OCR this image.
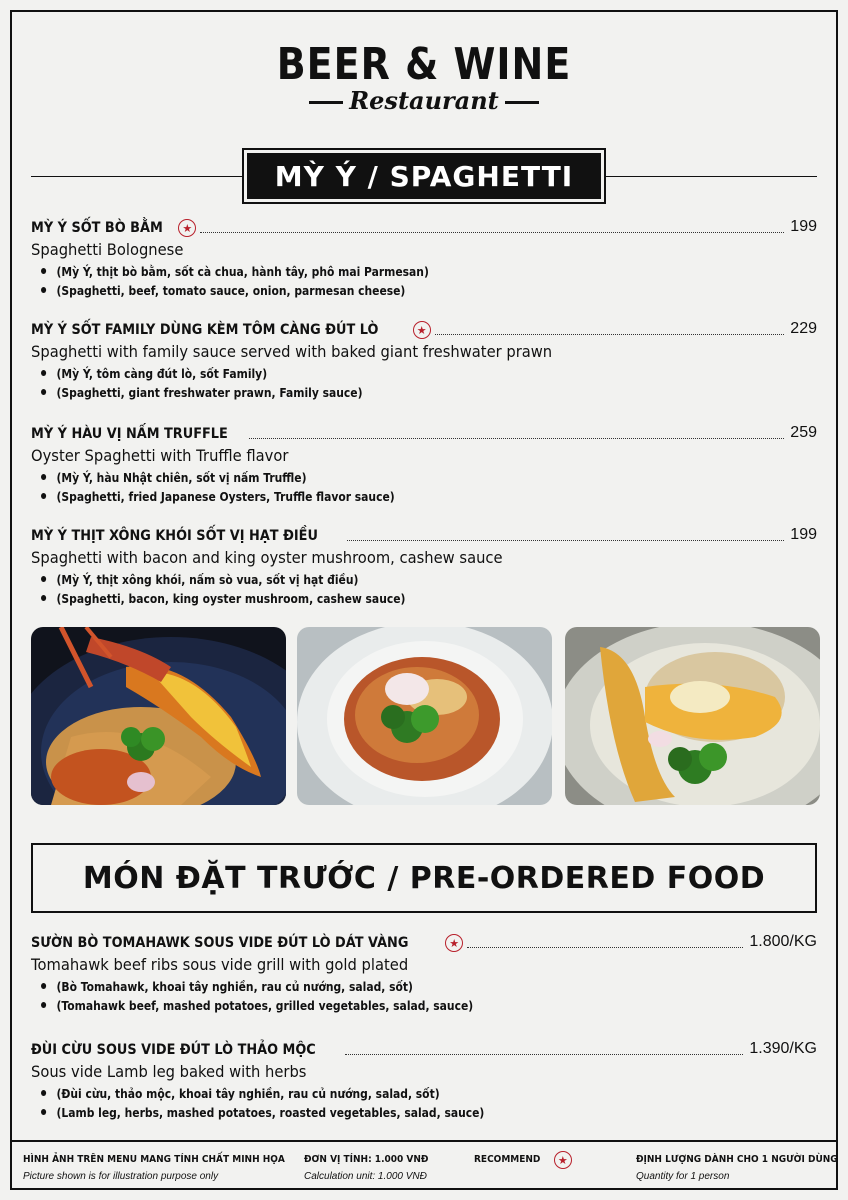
BEER & WINE
Restaurant
MỲ Ý / SPAGHETTI
MỲ Ý SỐT BÒ BẰM	★	199
Spaghetti Bolognese
(Mỳ Ý, thịt bò bằm, sốt cà chua, hành tây, phô mai Parmesan)
(Spaghetti, beef, tomato sauce, onion, parmesan cheese)
MỲ Ý SỐT FAMILY DÙNG KÈM TÔM CÀNG ĐÚT LÒ	★	229
Spaghetti with family sauce served with baked giant freshwater prawn
(Mỳ Ý, tôm càng đút lò, sốt Family)
(Spaghetti, giant freshwater prawn, Family sauce)
MỲ Ý HÀU VỊ NẤM TRUFFLE	259
Oyster Spaghetti with Truffle flavor
(Mỳ Ý, hàu Nhật chiên, sốt vị nấm Truffle)
(Spaghetti, fried Japanese Oysters, Truffle flavor sauce)
MỲ Ý THỊT XÔNG KHÓI SỐT VỊ HẠT ĐIỀU	199
Spaghetti with bacon and king oyster mushroom, cashew sauce
(Mỳ Ý, thịt xông khói, nấm sò vua, sốt vị hạt điều)
(Spaghetti, bacon, king oyster mushroom, cashew sauce)
MÓN ĐẶT TRƯỚC / PRE-ORDERED FOOD
SƯỜN BÒ TOMAHAWK SOUS VIDE ĐÚT LÒ DÁT VÀNG	★	1.800/KG
Tomahawk beef ribs sous vide grill with gold plated
(Bò Tomahawk, khoai tây nghiền, rau củ nướng, salad, sốt)
(Tomahawk beef, mashed potatoes, grilled vegetables, salad, sauce)
ĐÙI CỪU SOUS VIDE ĐÚT LÒ THẢO MỘC	1.390/KG
Sous vide Lamb leg baked with herbs
(Đùi cừu, thảo mộc, khoai tây nghiền, rau củ nướng, salad, sốt)
(Lamb leg, herbs, mashed potatoes, roasted vegetables, salad, sauce)
HÌNH ẢNH TRÊN MENU MANG TÍNH CHẤT MINH HỌA
Picture shown is for illustration purpose only
ĐƠN VỊ TÍNH: 1.000 VNĐ
Calculation unit: 1.000 VNĐ
RECOMMEND	★	ĐỊNH LƯỢNG DÀNH CHO 1 NGƯỜI DÙNG
Quantity for 1 person
